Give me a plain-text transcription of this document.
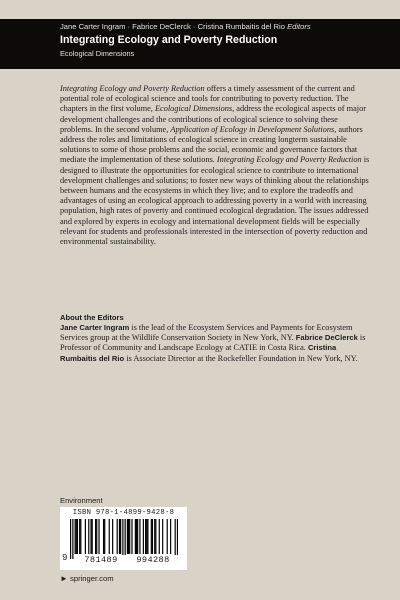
Jane Carter Ingram · Fabrice DeClerck · Cristina Rumbaitis del Rio Editors
Integrating Ecology and Poverty Reduction
Ecological Dimensions

Integrating Ecology and Poverty Reduction offers a timely assessment of the current and potential role of ecological science and tools for contributing to poverty reduction. The chapters in the first volume, Ecological Dimensions, address the ecological aspects of major development challenges and the contributions of ecological science to solving these problems. In the second volume, Application of Ecology in Development Solutions, authors address the roles and limitations of ecological science in creating longterm sustainable solutions to some of those problems and the social, economic and governance factors that mediate the implementation of these solutions. Integrating Ecology and Poverty Reduction is designed to illustrate the opportunities for ecological science to contribute to international development challenges and solutions; to foster new ways of thinking about the relationships between humans and the ecosystems in which they live; and to explore the tradeoffs and advantages of using an ecological approach to addressing poverty in a world with increasing population, high rates of poverty and continued ecological degradation. The issues addressed and explored by experts in ecology and international development fields will be especially relevant for students and professionals interested in the intersection of poverty reduction and environmental sustainability.

About the Editors

Jane Carter Ingram is the lead of the Ecosystem Services and Payments for Ecosystem Services group at the Wildlife Conservation Society in New York, NY. Fabrice DeClerck is Professor of Community and Landscape Ecology at CATIE in Costa Rica. Cristina Rumbaitis del Rio is Associate Director at the Rockefeller Foundation in New York, NY.

Environment
ISBN 978-1-4899-9428-8
9	781489	994288
► springer.com
